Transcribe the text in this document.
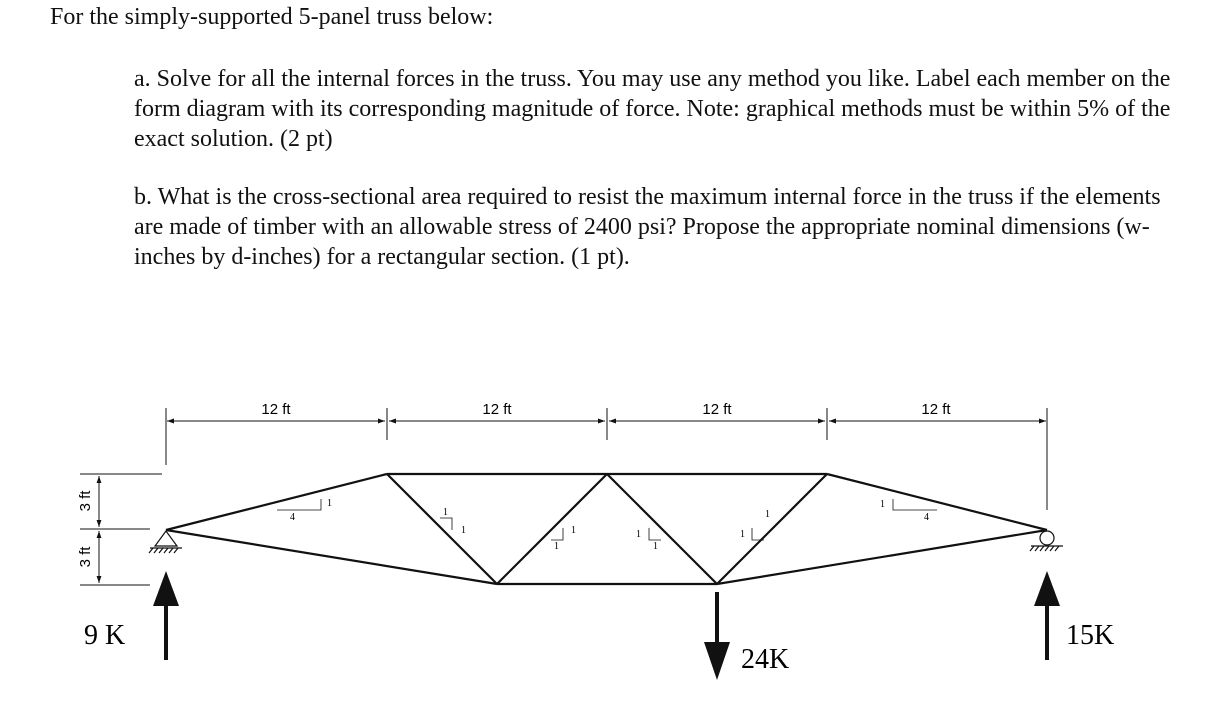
For the simply-supported 5-panel truss below:

a. Solve for all the internal forces in the truss. You may use any method you like. Label each member on the form diagram with its corresponding magnitude of force. Note: graphical methods must be within 5% of the exact solution. (2 pt)

b. What is the cross-sectional area required to resist the maximum internal force in the truss if the elements are made of timber with an allowable stress of 2400 psi? Propose the appropriate nominal dimensions (w-inches by d-inches) for a rectangular section. (1 pt).

12 ft	12 ft	12 ft	12 ft
3 ft
3 ft
4
1
4
1
1
1
1
1	1
1
1
1
9 K
24K
15K
